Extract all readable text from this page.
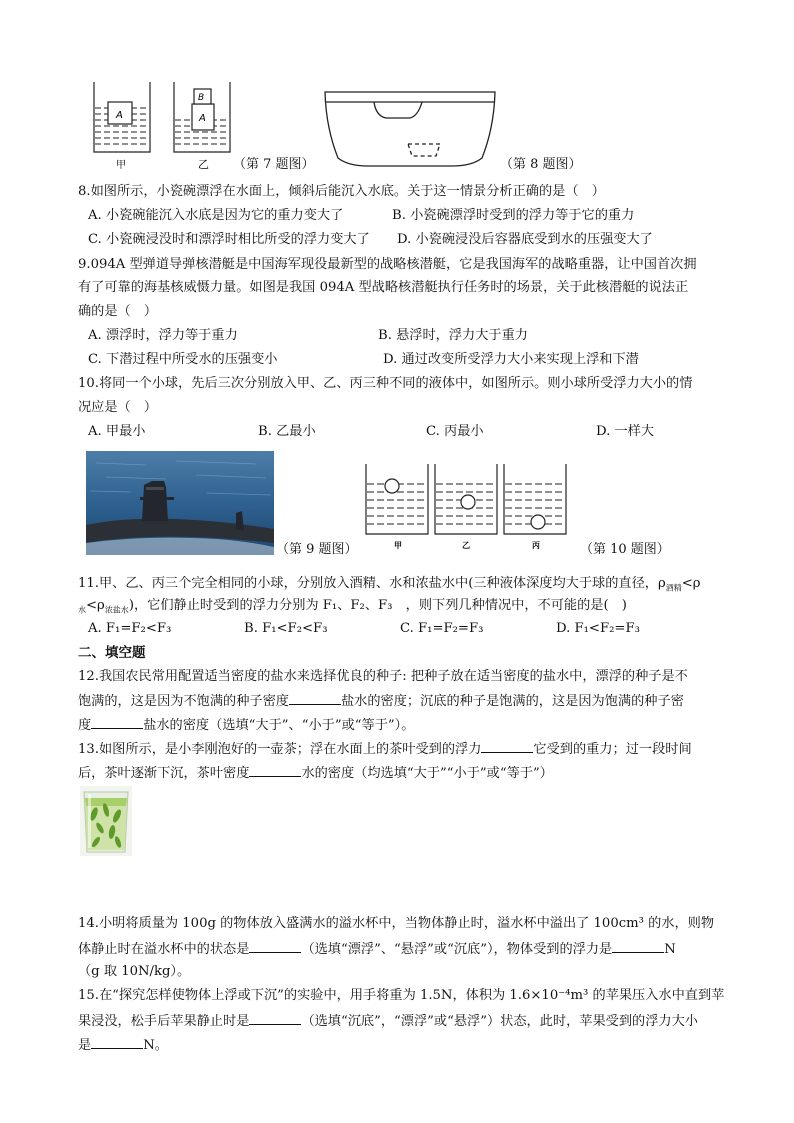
A	A
B
甲	乙 （第 7 题图）	（第 8 题图）
8.如图所示，小瓷碗漂浮在水面上，倾斜后能沉入水底。关于这一情景分析正确的是（　）
A. 小瓷碗能沉入水底是因为它的重力变大了	B. 小瓷碗漂浮时受到的浮力等于它的重力
C. 小瓷碗浸没时和漂浮时相比所受的浮力变大了 D. 小瓷碗浸没后容器底受到水的压强变大了
9.094A 型弹道导弹核潜艇是中国海军现役最新型的战略核潜艇，它是我国海军的战略重器，让中国首次拥
有了可靠的海基核威慑力量。如图是我国 094A 型战略核潜艇执行任务时的场景，关于此核潜艇的说法正
确的是（　）
A. 漂浮时，浮力等于重力	B. 悬浮时，浮力大于重力
C. 下潜过程中所受水的压强变小	D. 通过改变所受浮力大小来实现上浮和下潜
10.将同一个小球，先后三次分别放入甲、乙、丙三种不同的液体中，如图所示。则小球所受浮力大小的情
况应是（　）
A. 甲最小	B. 乙最小	C. 丙最小	D. 一样大
（第 9 题图）	甲	乙	丙	（第 10 题图）
11.甲、乙、丙三个完全相同的小球，分别放入酒精、水和浓盐水中(三种液体深度均大于球的直径，$\rho_{酒精}<\rho$
$_水<\rho_{浓盐水}$)，它们静止时受到的浮力分别为 F₁、F₂、F₃　，则下列几种情况中，不可能的是(　)
A. F₁=F₂<F₃	B. F₁<F₂<F₃	C. F₁=F₂=F₃	D. F₁<F₂=F₃
二、填空题
12.我国农民常用配置适当密度的盐水来选择优良的种子: 把种子放在适当密度的盐水中，漂浮的种子是不
饱满的，这是因为不饱满的种子密度	盐水的密度；沉底的种子是饱满的，这是因为饱满的种子密
度	盐水的密度（选填“大于”、“小于”或“等于”）。
13.如图所示，是小李刚泡好的一壶茶；浮在水面上的茶叶受到的浮力	它受到的重力；过一段时间
后，茶叶逐渐下沉，茶叶密度	水的密度（均选填“大于”“小于”或“等于”）
14.小明将质量为 100g 的物体放入盛满水的溢水杯中，当物体静止时，溢水杯中溢出了 100cm³ 的水，则物
体静止时在溢水杯中的状态是	（选填“漂浮”、“悬浮”或“沉底”），物体受到的浮力是	N
（g 取 10N/kg）。
15.在“探究怎样使物体上浮或下沉”的实验中，用手将重为 1.5N，体积为 1.6×10⁻⁴m³ 的苹果压入水中直到苹
果浸没，松手后苹果静止时是	（选填“沉底”，“漂浮”或“悬浮”）状态，此时，苹果受到的浮力大小
是	N。
